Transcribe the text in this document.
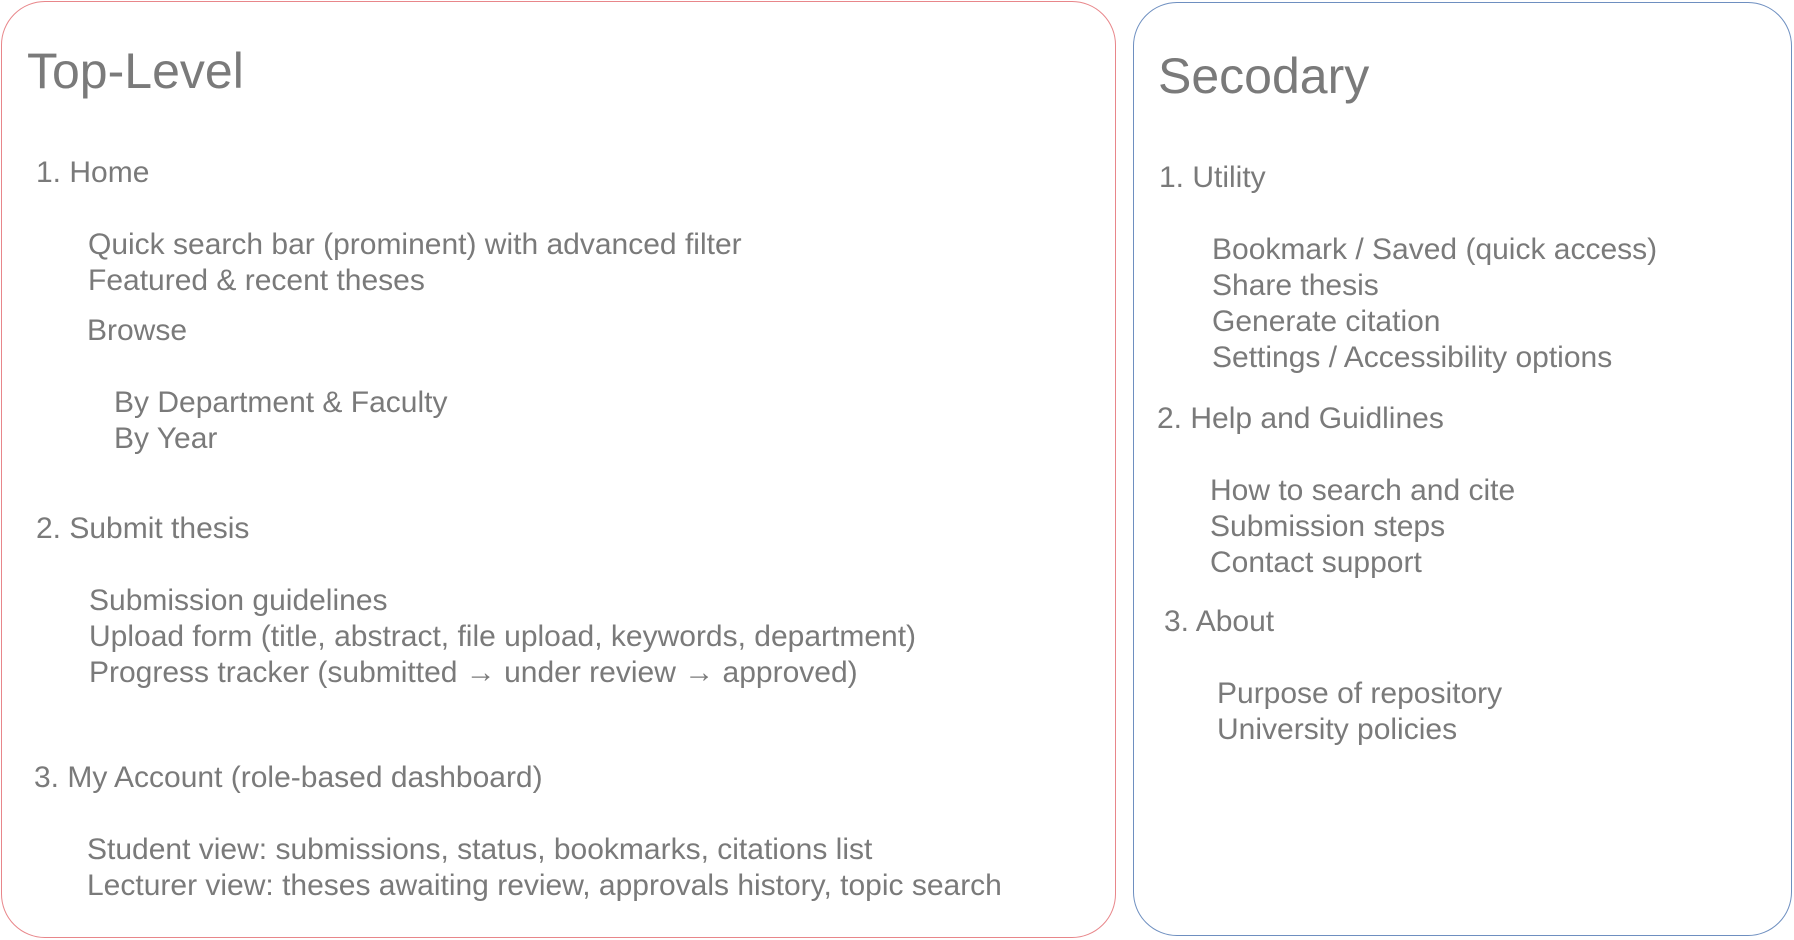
Top-Level
1. Home
Quick search bar (prominent) with advanced filter
Featured & recent theses
Browse
By Department & Faculty
By Year
2. Submit thesis
Submission guidelines
Upload form (title, abstract, file upload, keywords, department)
Progress tracker (submitted → under review → approved)
3. My Account (role-based dashboard)
Student view: submissions, status, bookmarks, citations list
Lecturer view: theses awaiting review, approvals history, topic search
Secodary
1. Utility
Bookmark / Saved (quick access)
Share thesis
Generate citation
Settings / Accessibility options
2. Help and Guidlines
How to search and cite
Submission steps
Contact support
3. About
Purpose of repository
University policies
